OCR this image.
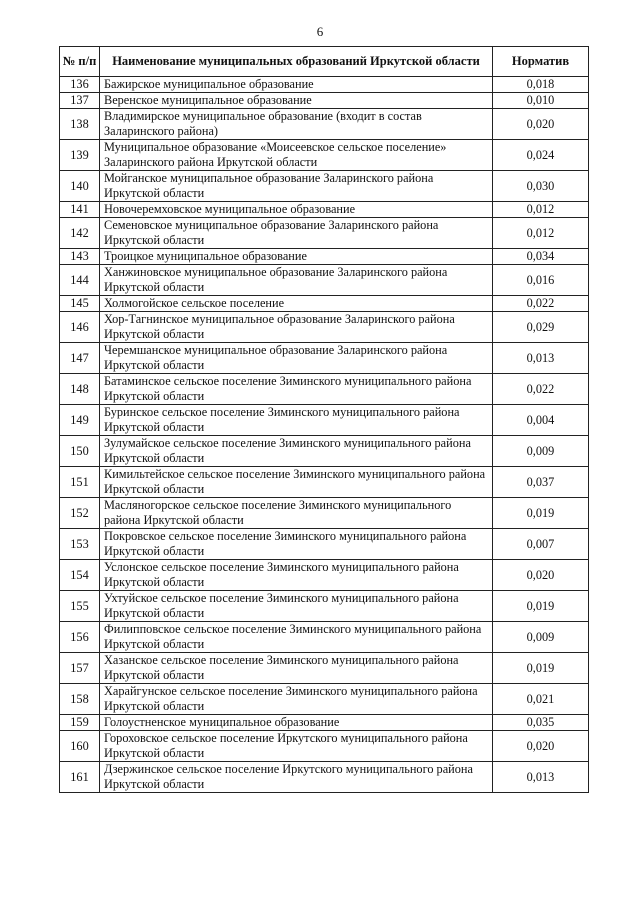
6
№ п/п	Наименование муниципальных образований Иркутской области	Норматив
136	Бажирское муниципальное образование	0,018
137	Веренское муниципальное образование	0,010
138	Владимирское муниципальное образование (входит в состав Заларинского района)	0,020
139	Муниципальное образование «Моисеевское сельское поселение» Заларинского района Иркутской области	0,024
140	Мойганское муниципальное образование Заларинского района Иркутской области	0,030
141	Новочеремховское муниципальное образование	0,012
142	Семеновское муниципальное образование Заларинского района Иркутской области	0,012
143	Троицкое муниципальное образование	0,034
144	Ханжиновское муниципальное образование Заларинского района Иркутской области	0,016
145	Холмогойское сельское поселение	0,022
146	Хор-Тагнинское муниципальное образование Заларинского района Иркутской области	0,029
147	Черемшанское муниципальное образование Заларинского района Иркутской области	0,013
148	Батаминское сельское поселение Зиминского муниципального района Иркутской области	0,022
149	Буринское сельское поселение Зиминского муниципального района Иркутской области	0,004
150	Зулумайское сельское поселение Зиминского муниципального района Иркутской области	0,009
151	Кимильтейское сельское поселение Зиминского муниципального района Иркутской области	0,037
152	Масляногорское сельское поселение Зиминского муниципального района Иркутской области	0,019
153	Покровское сельское поселение Зиминского муниципального района Иркутской области	0,007
154	Услонское сельское поселение Зиминского муниципального района Иркутской области	0,020
155	Ухтуйское сельское поселение Зиминского муниципального района Иркутской области	0,019
156	Филипповское сельское поселение Зиминского муниципального района Иркутской области	0,009
157	Хазанское сельское поселение Зиминского муниципального района Иркутской области	0,019
158	Харайгунское сельское поселение Зиминского муниципального района Иркутской области	0,021
159	Голоустненское муниципальное образование	0,035
160	Гороховское сельское поселение Иркутского муниципального района Иркутской области	0,020
161	Дзержинское сельское поселение Иркутского муниципального района Иркутской области	0,013
